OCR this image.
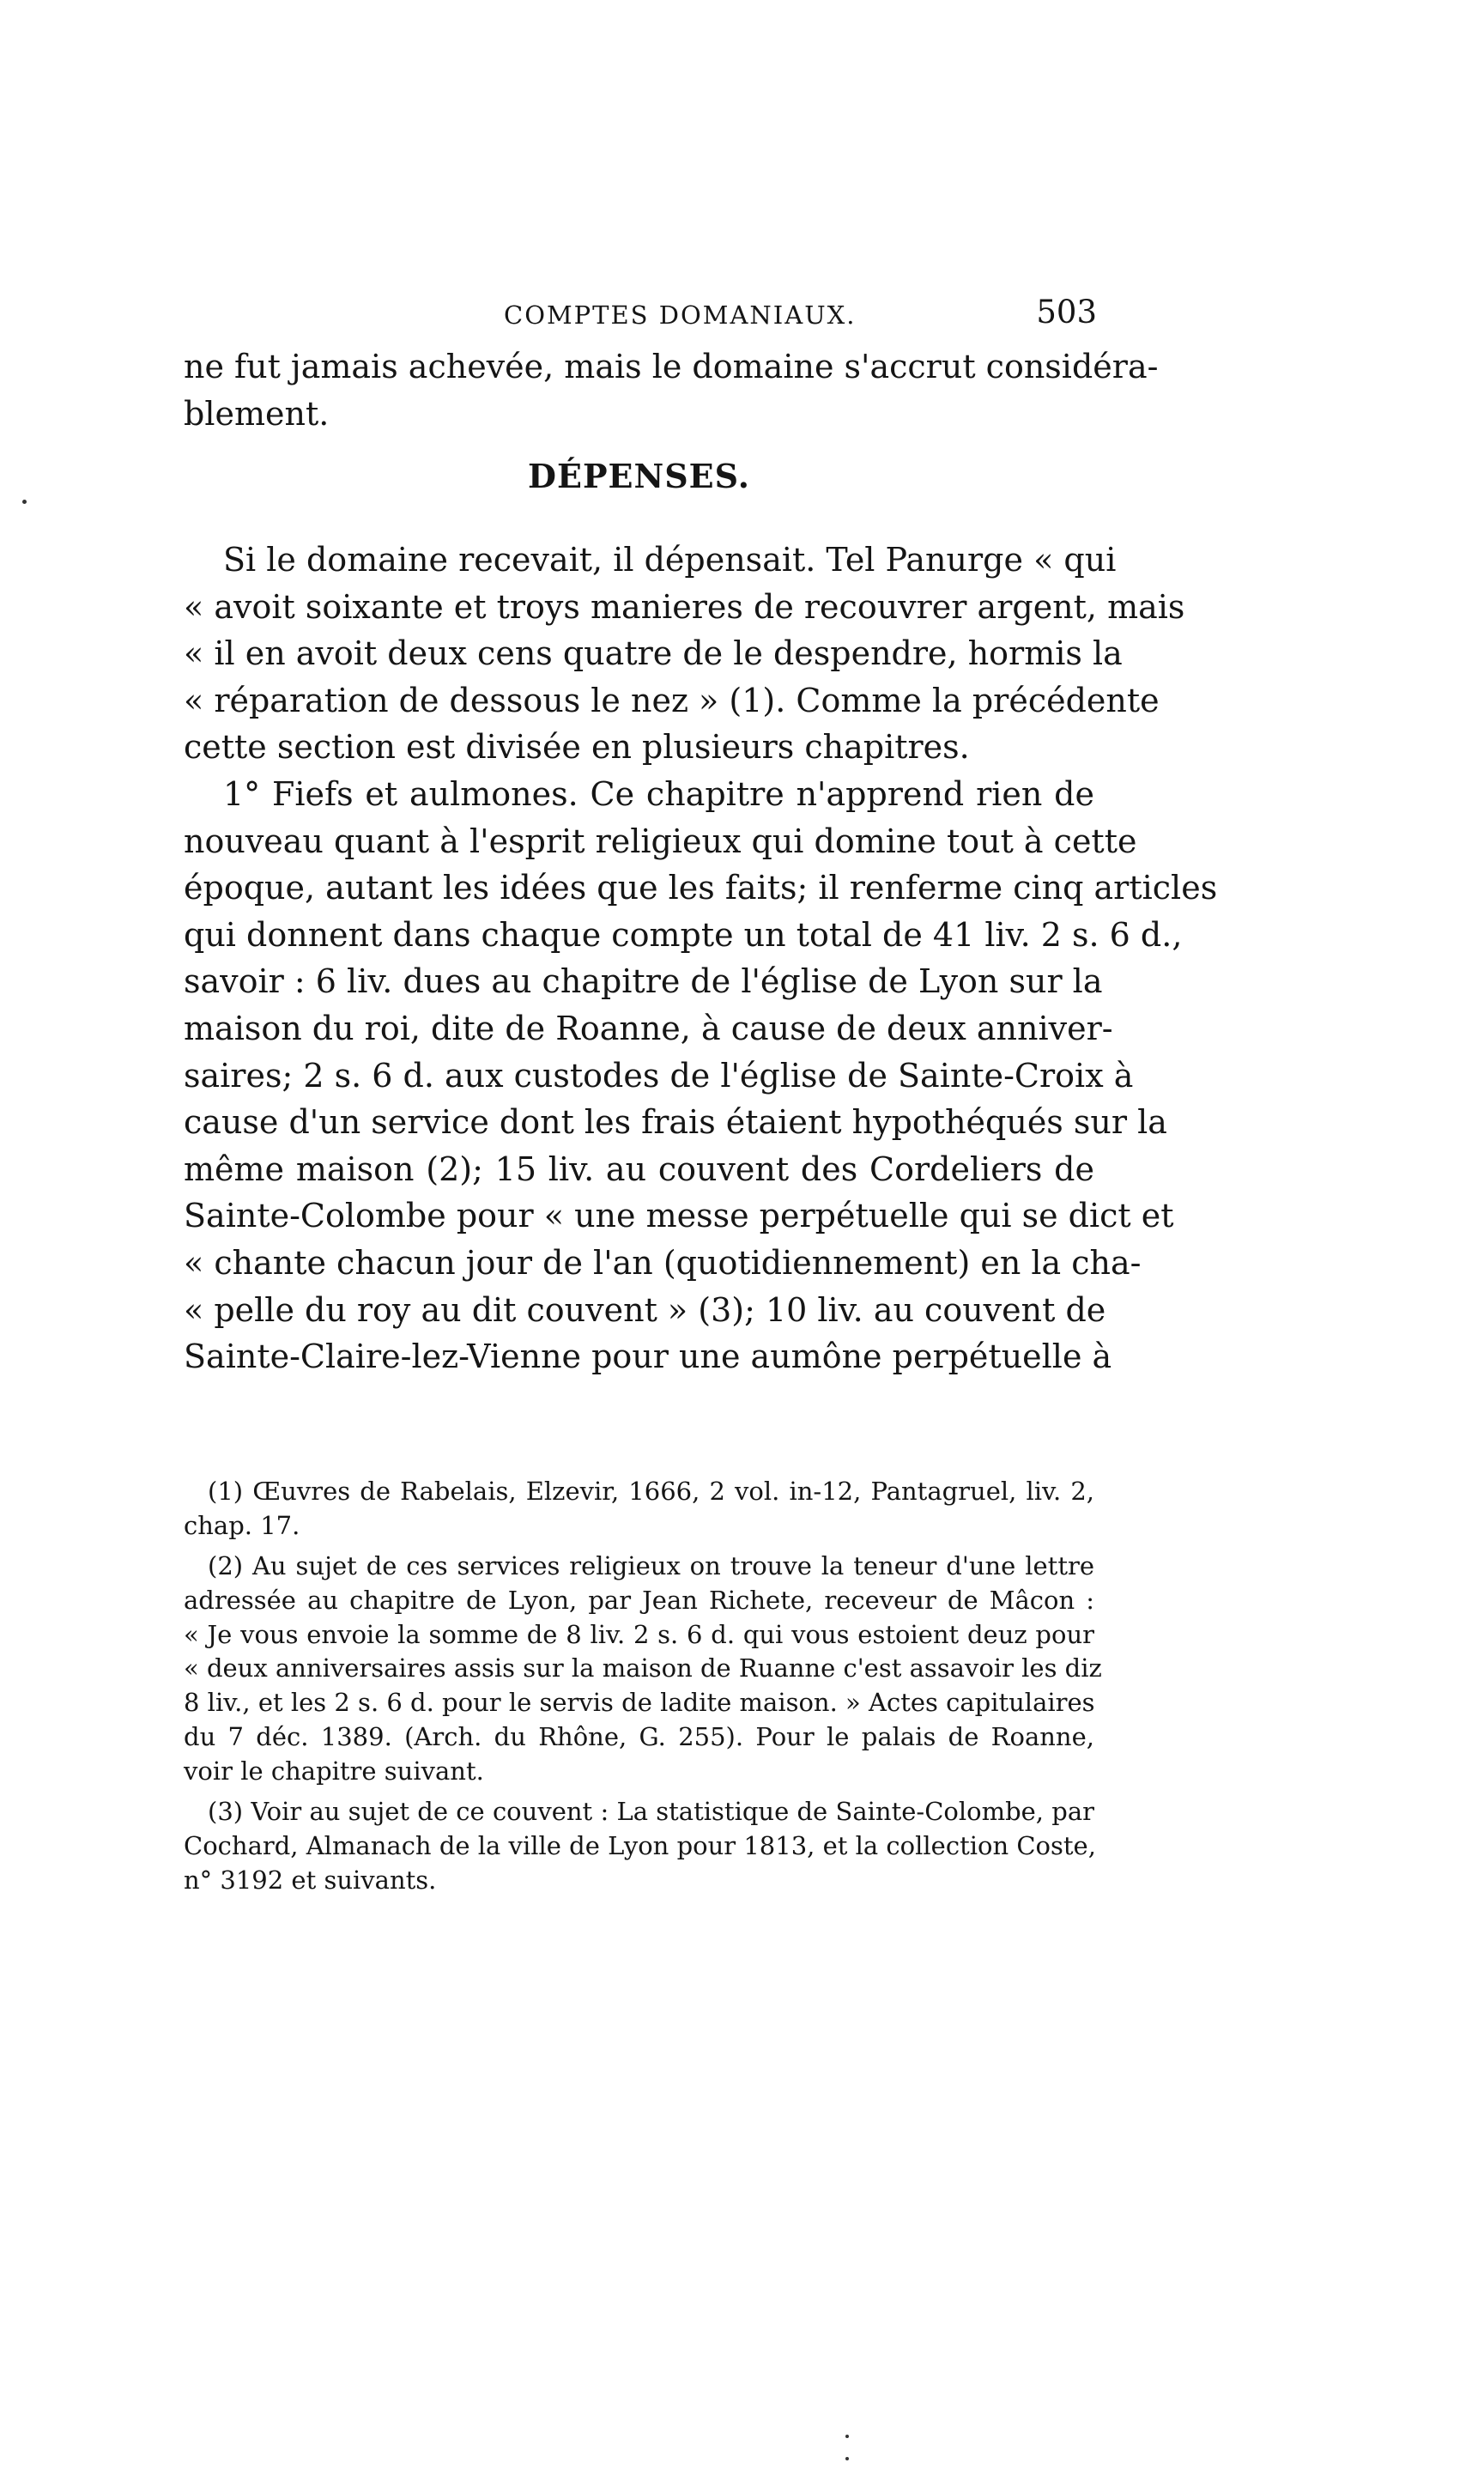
COMPTES DOMANIAUX.	503
ne fut jamais achevée, mais le domaine s'accrut considéra-
blement.
DÉPENSES.
Si le domaine recevait, il dépensait. Tel Panurge « qui
« avoit soixante et troys manieres de recouvrer argent, mais
« il en avoit deux cens quatre de le despendre, hormis la
« réparation de dessous le nez » (1). Comme la précédente
cette section est divisée en plusieurs chapitres.
1° Fiefs et aulmones. Ce chapitre n'apprend rien de
nouveau quant à l'esprit religieux qui domine tout à cette
époque, autant les idées que les faits; il renferme cinq articles
qui donnent dans chaque compte un total de 41 liv. 2 s. 6 d.,
savoir : 6 liv. dues au chapitre de l'église de Lyon sur la
maison du roi, dite de Roanne, à cause de deux anniver-
saires; 2 s. 6 d. aux custodes de l'église de Sainte-Croix à
cause d'un service dont les frais étaient hypothéqués sur la
même maison (2); 15 liv. au couvent des Cordeliers de
Sainte-Colombe pour « une messe perpétuelle qui se dict et
« chante chacun jour de l'an (quotidiennement) en la cha-
« pelle du roy au dit couvent » (3); 10 liv. au couvent de
Sainte-Claire-lez-Vienne pour une aumône perpétuelle à
(1) Œuvres de Rabelais, Elzevir, 1666, 2 vol. in-12, Pantagruel, liv. 2,
chap. 17.
(2) Au sujet de ces services religieux on trouve la teneur d'une lettre
adressée au chapitre de Lyon, par Jean Richete, receveur de Mâcon :
« Je vous envoie la somme de 8 liv. 2 s. 6 d. qui vous estoient deuz pour
« deux anniversaires assis sur la maison de Ruanne c'est assavoir les diz
8 liv., et les 2 s. 6 d. pour le servis de ladite maison. » Actes capitulaires
du 7 déc. 1389. (Arch. du Rhône, G. 255). Pour le palais de Roanne,
voir le chapitre suivant.
(3) Voir au sujet de ce couvent : La statistique de Sainte-Colombe, par
Cochard, Almanach de la ville de Lyon pour 1813, et la collection Coste,
n° 3192 et suivants.
